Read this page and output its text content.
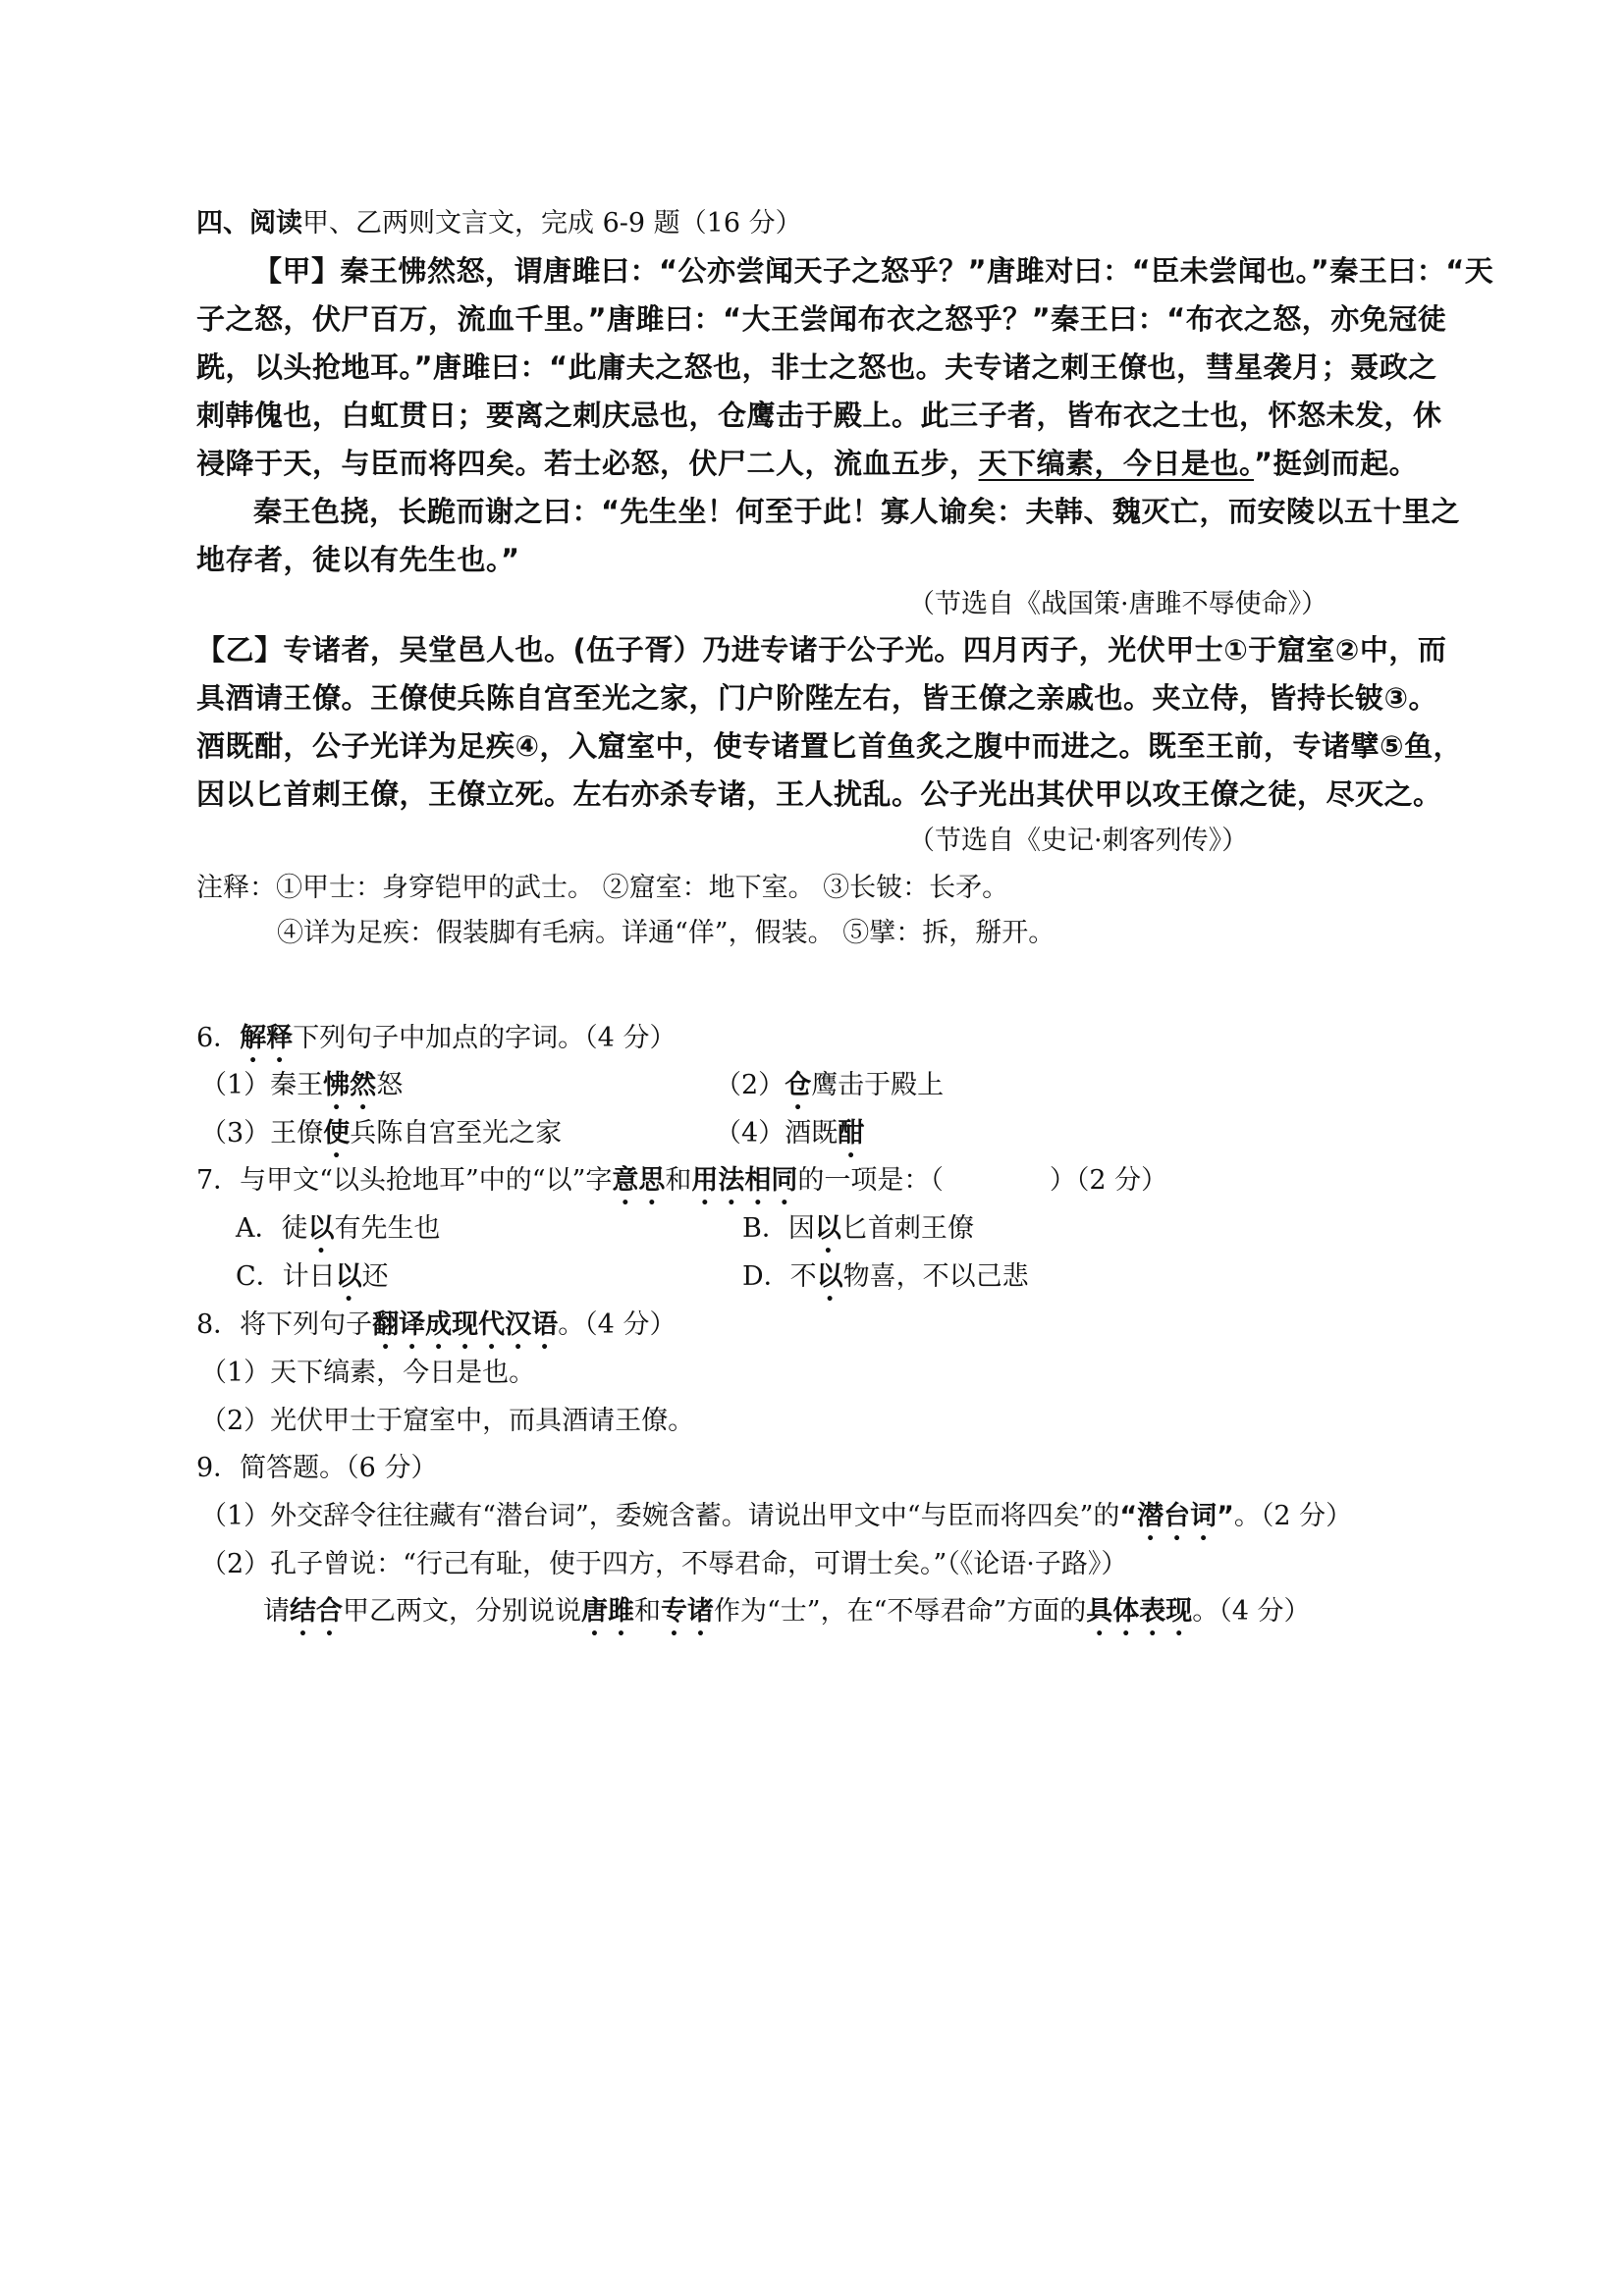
四、阅读甲、乙两则文言文，完成 6-9 题（16 分）
【甲】秦王怫然怒，谓唐雎曰：“公亦尝闻天子之怒乎？”唐雎对曰：“臣未尝闻也。”秦王曰：“天
子之怒，伏尸百万，流血千里。”唐雎曰：“大王尝闻布衣之怒乎？”秦王曰：“布衣之怒，亦免冠徒
跣，以头抢地耳。”唐雎曰：“此庸夫之怒也，非士之怒也。夫专诸之刺王僚也，彗星袭月；聂政之
刺韩傀也，白虹贯日；要离之刺庆忌也，仓鹰击于殿上。此三子者，皆布衣之士也，怀怒未发，休
祲降于天，与臣而将四矣。若士必怒，伏尸二人，流血五步，天下缟素，今日是也。”挺剑而起。
秦王色挠，长跪而谢之曰：“先生坐！何至于此！寡人谕矣：夫韩、魏灭亡，而安陵以五十里之
地存者，徒以有先生也。”
（节选自《战国策·唐雎不辱使命》）
【乙】专诸者，吴堂邑人也。(伍子胥）乃进专诸于公子光。四月丙子，光伏甲士①于窟室②中，而
具酒请王僚。王僚使兵陈自宫至光之家，门户阶陛左右，皆王僚之亲戚也。夹立侍，皆持长铍③。
酒既酣，公子光详为足疾④，入窟室中，使专诸置匕首鱼炙之腹中而进之。既至王前，专诸擘⑤鱼，
因以匕首刺王僚，王僚立死。左右亦杀专诸，王人扰乱。公子光出其伏甲以攻王僚之徒，尽灭之。
（节选自《史记·刺客列传》）
注释：①甲士：身穿铠甲的武士。 ②窟室：地下室。 ③长铍：长矛。
④详为足疾：假装脚有毛病。详通“佯”，假装。 ⑤擘：拆，掰开。
6．解释下列句子中加点的字词。（4 分）
（1）秦王怫然怒	（2）仓鹰击于殿上
（3）王僚使兵陈自宫至光之家	（4）酒既酣
7．与甲文“以头抢地耳”中的“以”字意思和用法相同的一项是：（　　　　）（2 分）
A．徒以有先生也	B．因以匕首刺王僚
C．计日以还	D．不以物喜，不以己悲
8．将下列句子翻译成现代汉语。（4 分）
（1）天下缟素，今日是也。
（2）光伏甲士于窟室中，而具酒请王僚。
9．简答题。（6 分）
（1）外交辞令往往藏有“潜台词”，委婉含蓄。请说出甲文中“与臣而将四矣”的“潜台词”。（2 分）
（2）孔子曾说：“行己有耻，使于四方，不辱君命，可谓士矣。”（《论语·子路》）
请结合甲乙两文，分别说说唐雎和专诸作为“士”，在“不辱君命”方面的具体表现。（4 分）
